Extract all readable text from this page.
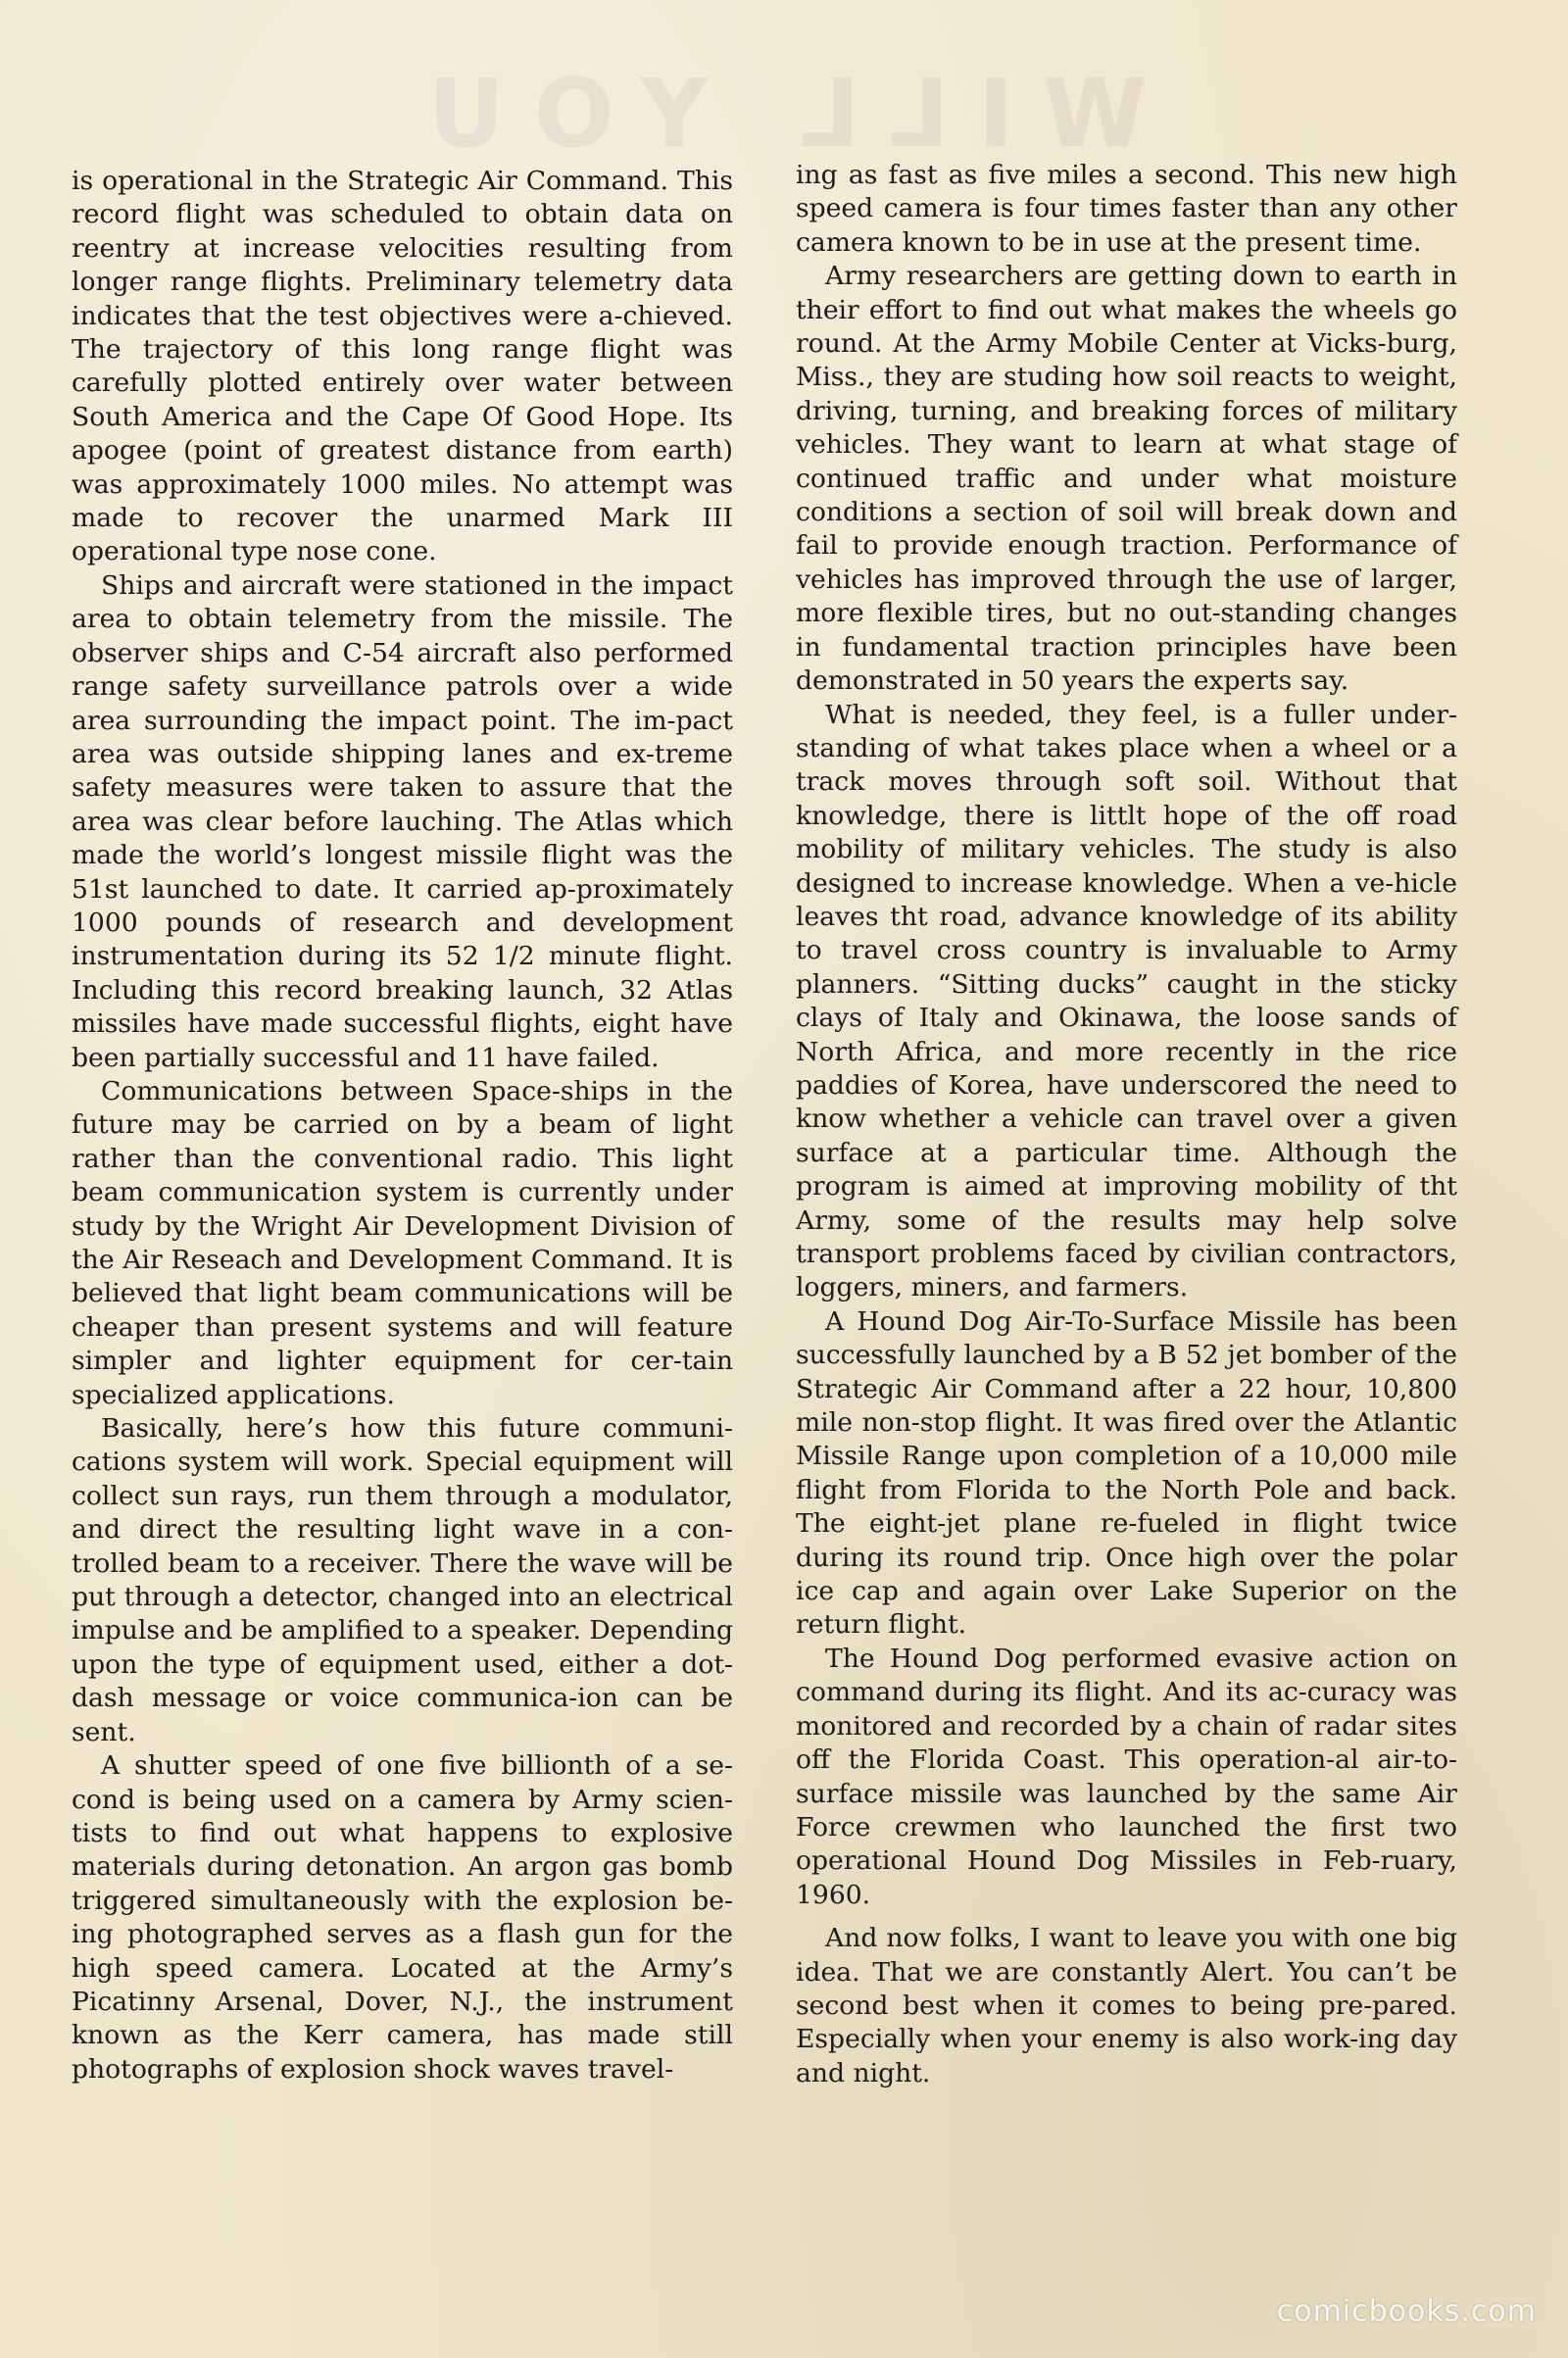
WILL YOU

is operational in the Strategic Air Command. This record flight was scheduled to obtain data on reentry at increase velocities resulting from longer range flights. Preliminary telemetry data indicates that the test objectives were a-chieved. The trajectory of this long range flight was carefully plotted entirely over water between South America and the Cape Of Good Hope. Its apogee (point of greatest distance from earth) was approximately 1000 miles. No attempt was made to recover the unarmed Mark III operational type nose cone.

Ships and aircraft were stationed in the impact area to obtain telemetry from the missile. The observer ships and C-54 aircraft also performed range safety surveillance patrols over a wide area surrounding the impact point. The im-pact area was outside shipping lanes and ex-treme safety measures were taken to assure that the area was clear before lauching. The Atlas which made the world’s longest missile flight was the 51st launched to date. It carried ap-proximately 1000 pounds of research and development instrumentation during its 52 1/2 minute flight. Including this record breaking launch, 32 Atlas missiles have made successful flights, eight have been partially successful and 11 have failed.

Communications between Space-ships in the future may be carried on by a beam of light rather than the conventional radio. This light beam communication system is currently under study by the Wright Air Development Division of the Air Reseach and Development Command. It is believed that light beam communications will be cheaper than present systems and will feature simpler and lighter equipment for cer-tain specialized applications.

Basically, here’s how this future communi-cations system will work. Special equipment will collect sun rays, run them through a modulator, and direct the resulting light wave in a con-trolled beam to a receiver. There the wave will be put through a detector, changed into an electrical impulse and be amplified to a speaker. Depending upon the type of equipment used, either a dot-dash message or voice communica-ion can be sent.

A shutter speed of one five billionth of a se-cond is being used on a camera by Army scien-tists to find out what happens to explosive materials during detonation. An argon gas bomb triggered simultaneously with the explosion be-ing photographed serves as a flash gun for the high speed camera. Located at the Army’s Picatinny Arsenal, Dover, N.J., the instrument known as the Kerr camera, has made still photographs of explosion shock waves travel-

ing as fast as five miles a second. This new high speed camera is four times faster than any other camera known to be in use at the present time.

Army researchers are getting down to earth in their effort to find out what makes the wheels go round. At the Army Mobile Center at Vicks-burg, Miss., they are studing how soil reacts to weight, driving, turning, and breaking forces of military vehicles. They want to learn at what stage of continued traffic and under what moisture conditions a section of soil will break down and fail to provide enough traction. Performance of vehicles has improved through the use of larger, more flexible tires, but no out-standing changes in fundamental traction principles have been demonstrated in 50 years the experts say.

What is needed, they feel, is a fuller under-standing of what takes place when a wheel or a track moves through soft soil. Without that knowledge, there is littlt hope of the off road mobility of military vehicles. The study is also designed to increase knowledge. When a ve-hicle leaves tht road, advance knowledge of its ability to travel cross country is invaluable to Army planners. “Sitting ducks” caught in the sticky clays of Italy and Okinawa, the loose sands of North Africa, and more recently in the rice paddies of Korea, have underscored the need to know whether a vehicle can travel over a given surface at a particular time. Although the program is aimed at improving mobility of tht Army, some of the results may help solve transport problems faced by civilian contractors, loggers, miners, and farmers.

A Hound Dog Air-To-Surface Missile has been successfully launched by a B 52 jet bomber of the Strategic Air Command after a 22 hour, 10,800 mile non-stop flight. It was fired over the Atlantic Missile Range upon completion of a 10,000 mile flight from Florida to the North Pole and back. The eight-jet plane re-fueled in flight twice during its round trip. Once high over the polar ice cap and again over Lake Superior on the return flight.

The Hound Dog performed evasive action on command during its flight. And its ac-curacy was monitored and recorded by a chain of radar sites off the Florida Coast. This operation-al air-to-surface missile was launched by the same Air Force crewmen who launched the first two operational Hound Dog Missiles in Feb-ruary, 1960.

And now folks, I want to leave you with one big idea. That we are constantly Alert. You can’t be second best when it comes to being pre-pared. Especially when your enemy is also work-ing day and night.

comicbooks.com
